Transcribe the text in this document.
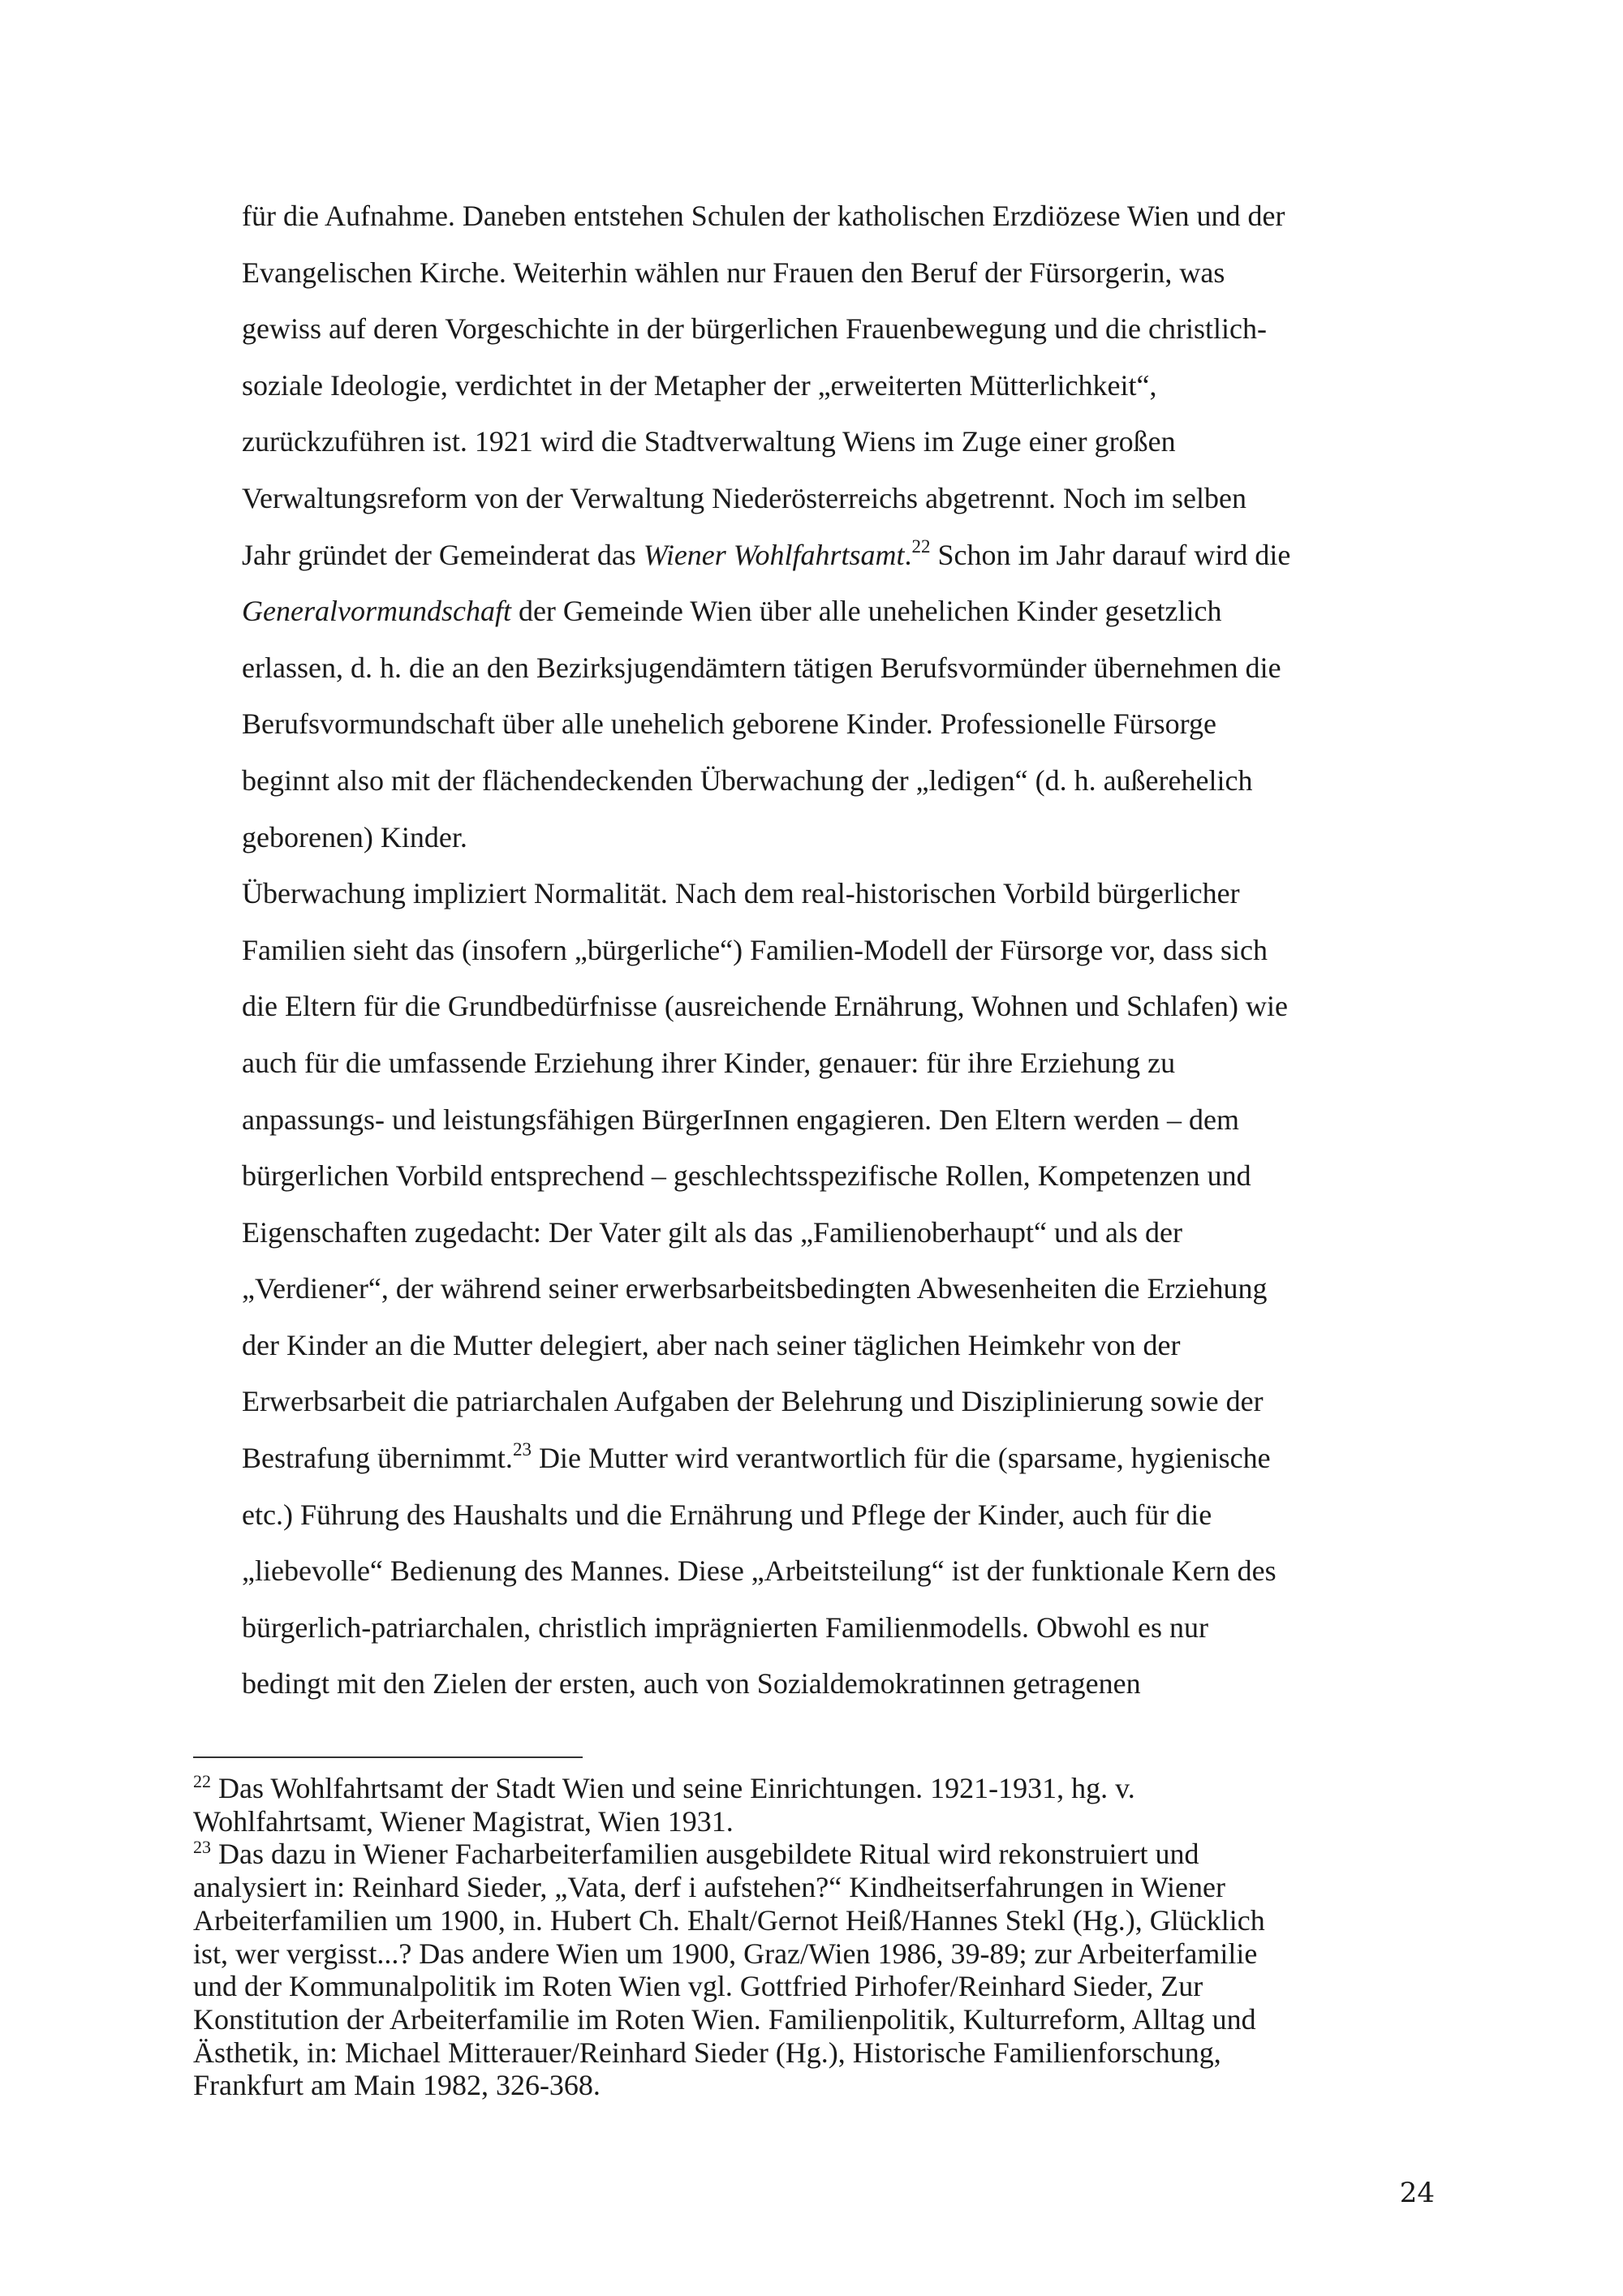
für die Aufnahme. Daneben entstehen Schulen der katholischen Erzdiözese Wien und der
Evangelischen Kirche. Weiterhin wählen nur Frauen den Beruf der Fürsorgerin, was
gewiss auf deren Vorgeschichte in der bürgerlichen Frauenbewegung und die christlich-
soziale Ideologie, verdichtet in der Metapher der „erweiterten Mütterlichkeit“,
zurückzuführen ist. 1921 wird die Stadtverwaltung Wiens im Zuge einer großen
Verwaltungsreform von der Verwaltung Niederösterreichs abgetrennt. Noch im selben
Jahr gründet der Gemeinderat das Wiener Wohlfahrtsamt.$^{22}$ Schon im Jahr darauf wird die
Generalvormundschaft der Gemeinde Wien über alle unehelichen Kinder gesetzlich
erlassen, d. h. die an den Bezirksjugendämtern tätigen Berufsvormünder übernehmen die
Berufsvormundschaft über alle unehelich geborene Kinder. Professionelle Fürsorge
beginnt also mit der flächendeckenden Überwachung der „ledigen“ (d. h. außerehelich
geborenen) Kinder.
Überwachung impliziert Normalität. Nach dem real-historischen Vorbild bürgerlicher
Familien sieht das (insofern „bürgerliche“) Familien-Modell der Fürsorge vor, dass sich
die Eltern für die Grundbedürfnisse (ausreichende Ernährung, Wohnen und Schlafen) wie
auch für die umfassende Erziehung ihrer Kinder, genauer: für ihre Erziehung zu
anpassungs- und leistungsfähigen BürgerInnen engagieren. Den Eltern werden – dem
bürgerlichen Vorbild entsprechend – geschlechtsspezifische Rollen, Kompetenzen und
Eigenschaften zugedacht: Der Vater gilt als das „Familienoberhaupt“ und als der
„Verdiener“, der während seiner erwerbsarbeitsbedingten Abwesenheiten die Erziehung
der Kinder an die Mutter delegiert, aber nach seiner täglichen Heimkehr von der
Erwerbsarbeit die patriarchalen Aufgaben der Belehrung und Disziplinierung sowie der
Bestrafung übernimmt.$^{23}$ Die Mutter wird verantwortlich für die (sparsame, hygienische
etc.) Führung des Haushalts und die Ernährung und Pflege der Kinder, auch für die
„liebevolle“ Bedienung des Mannes. Diese „Arbeitsteilung“ ist der funktionale Kern des
bürgerlich-patriarchalen, christlich imprägnierten Familienmodells. Obwohl es nur
bedingt mit den Zielen der ersten, auch von Sozialdemokratinnen getragenen
$^{22}$ Das Wohlfahrtsamt der Stadt Wien und seine Einrichtungen. 1921-1931, hg. v.
Wohlfahrtsamt, Wiener Magistrat, Wien 1931.
$^{23}$ Das dazu in Wiener Facharbeiterfamilien ausgebildete Ritual wird rekonstruiert und
analysiert in: Reinhard Sieder, „Vata, derf i aufstehen?“ Kindheitserfahrungen in Wiener
Arbeiterfamilien um 1900, in. Hubert Ch. Ehalt/Gernot Heiß/Hannes Stekl (Hg.), Glücklich
ist, wer vergisst...? Das andere Wien um 1900, Graz/Wien 1986, 39-89; zur Arbeiterfamilie
und der Kommunalpolitik im Roten Wien vgl. Gottfried Pirhofer/Reinhard Sieder, Zur
Konstitution der Arbeiterfamilie im Roten Wien. Familienpolitik, Kulturreform, Alltag und
Ästhetik, in: Michael Mitterauer/Reinhard Sieder (Hg.), Historische Familienforschung,
Frankfurt am Main 1982, 326-368.
24
